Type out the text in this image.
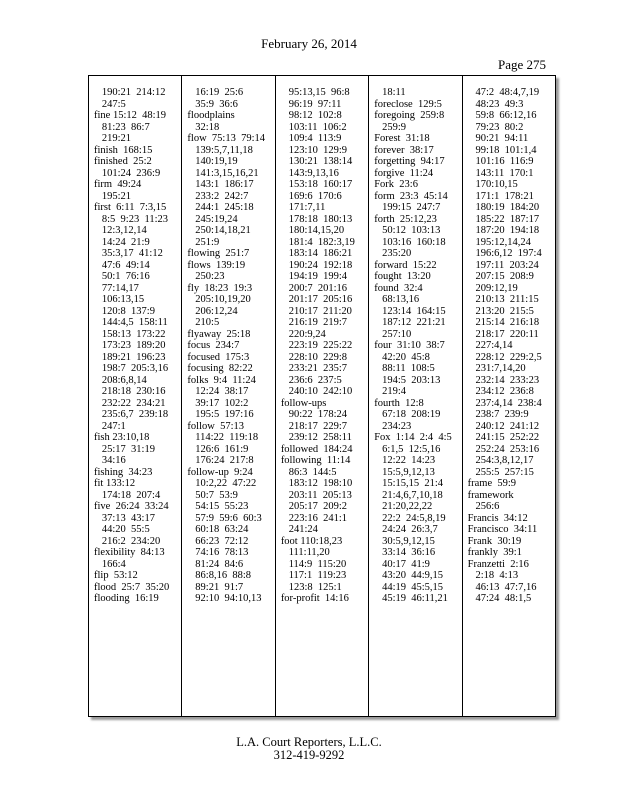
February 26, 2014
Page 275
190:21  214:12
247:5
fine 15:12  48:19
81:23  86:7
219:21
finish  168:15
finished  25:2
101:24  236:9
firm  49:24
195:21
first  6:11  7:3,15
8:5  9:23  11:23
12:3,12,14
14:24  21:9
35:3,17  41:12
47:6  49:14
50:1  76:16
77:14,17
106:13,15
120:8  137:9
144:4,5  158:11
158:13  173:22
173:23  189:20
189:21  196:23
198:7  205:3,16
208:6,8,14
218:18  230:16
232:22  234:21
235:6,7  239:18
247:1
fish 23:10,18
25:17  31:19
34:16
fishing  34:23
fit 133:12
174:18  207:4
five  26:24  33:24
37:13  43:17
44:20  55:5
216:2  234:20
flexibility  84:13
166:4
flip  53:12
flood  25:7  35:20
flooding  16:19
16:19  25:6
35:9  36:6
floodplains
32:18
flow  75:13  79:14
139:5,7,11,18
140:19,19
141:3,15,16,21
143:1  186:17
233:2  242:7
244:1  245:18
245:19,24
250:14,18,21
251:9
flowing  251:7
flows  139:19
250:23
fly  18:23  19:3
205:10,19,20
206:12,24
210:5
flyaway  25:18
focus  234:7
focused  175:3
focusing  82:22
folks  9:4  11:24
12:24  38:17
39:17  102:2
195:5  197:16
follow  57:13
114:22  119:18
126:6  161:9
176:24  217:8
follow-up  9:24
10:2,22  47:22
50:7  53:9
54:15  55:23
57:9  59:6  60:3
60:18  63:24
66:23  72:12
74:16  78:13
81:24  84:6
86:8,16  88:8
89:21  91:7
92:10  94:10,13
95:13,15  96:8
96:19  97:11
98:12  102:8
103:11  106:2
109:4  113:9
123:10  129:9
130:21  138:14
143:9,13,16
153:18  160:17
169:6  170:6
171:7,11
178:18  180:13
180:14,15,20
181:4  182:3,19
183:14  186:21
190:24  192:18
194:19  199:4
200:7  201:16
201:17  205:16
210:17  211:20
216:19  219:7
220:9,24
223:19  225:22
228:10  229:8
233:21  235:7
236:6  237:5
240:10  242:10
follow-ups
90:22  178:24
218:17  229:7
239:12  258:11
followed  184:24
following  11:14
86:3  144:5
183:12  198:10
203:11  205:13
205:17  209:2
223:16  241:1
241:24
foot 110:18,23
111:11,20
114:9  115:20
117:1  119:23
123:8  125:1
for-profit  14:16
18:11
foreclose  129:5
foregoing  259:8
259:9
Forest  31:18
forever  38:17
forgetting  94:17
forgive  11:24
Fork  23:6
form  23:3  45:14
199:15  247:7
forth  25:12,23
50:12  103:13
103:16  160:18
235:20
forward  15:22
fought  13:20
found  32:4
68:13,16
123:14  164:15
187:12  221:21
257:10
four  31:10  38:7
42:20  45:8
88:11  108:5
194:5  203:13
219:4
fourth  12:8
67:18  208:19
234:23
Fox  1:14  2:4  4:5
6:1,5  12:5,16
12:22  14:23
15:5,9,12,13
15:15,15  21:4
21:4,6,7,10,18
21:20,22,22
22:2  24:5,8,19
24:24  26:3,7
30:5,9,12,15
33:14  36:16
40:17  41:9
43:20  44:9,15
44:19  45:5,15
45:19  46:11,21
47:2  48:4,7,19
48:23  49:3
59:8  66:12,16
79:23  80:2
90:21  94:11
99:18  101:1,4
101:16  116:9
143:11  170:1
170:10,15
171:1  178:21
180:19  184:20
185:22  187:17
187:20  194:18
195:12,14,24
196:6,12  197:4
197:11  203:24
207:15  208:9
209:12,19
210:13  211:15
213:20  215:5
215:14  216:18
218:17  220:11
227:4,14
228:12  229:2,5
231:7,14,20
232:14  233:23
234:12  236:8
237:4,14  238:4
238:7  239:9
240:12  241:12
241:15  252:22
252:24  253:16
254:3,8,12,17
255:5  257:15
frame  59:9
framework
256:6
Francis  34:12
Francisco  34:11
Frank  30:19
frankly  39:1
Franzetti  2:16
2:18  4:13
46:13  47:7,16
47:24  48:1,5
L.A. Court Reporters, L.L.C.
312-419-9292
